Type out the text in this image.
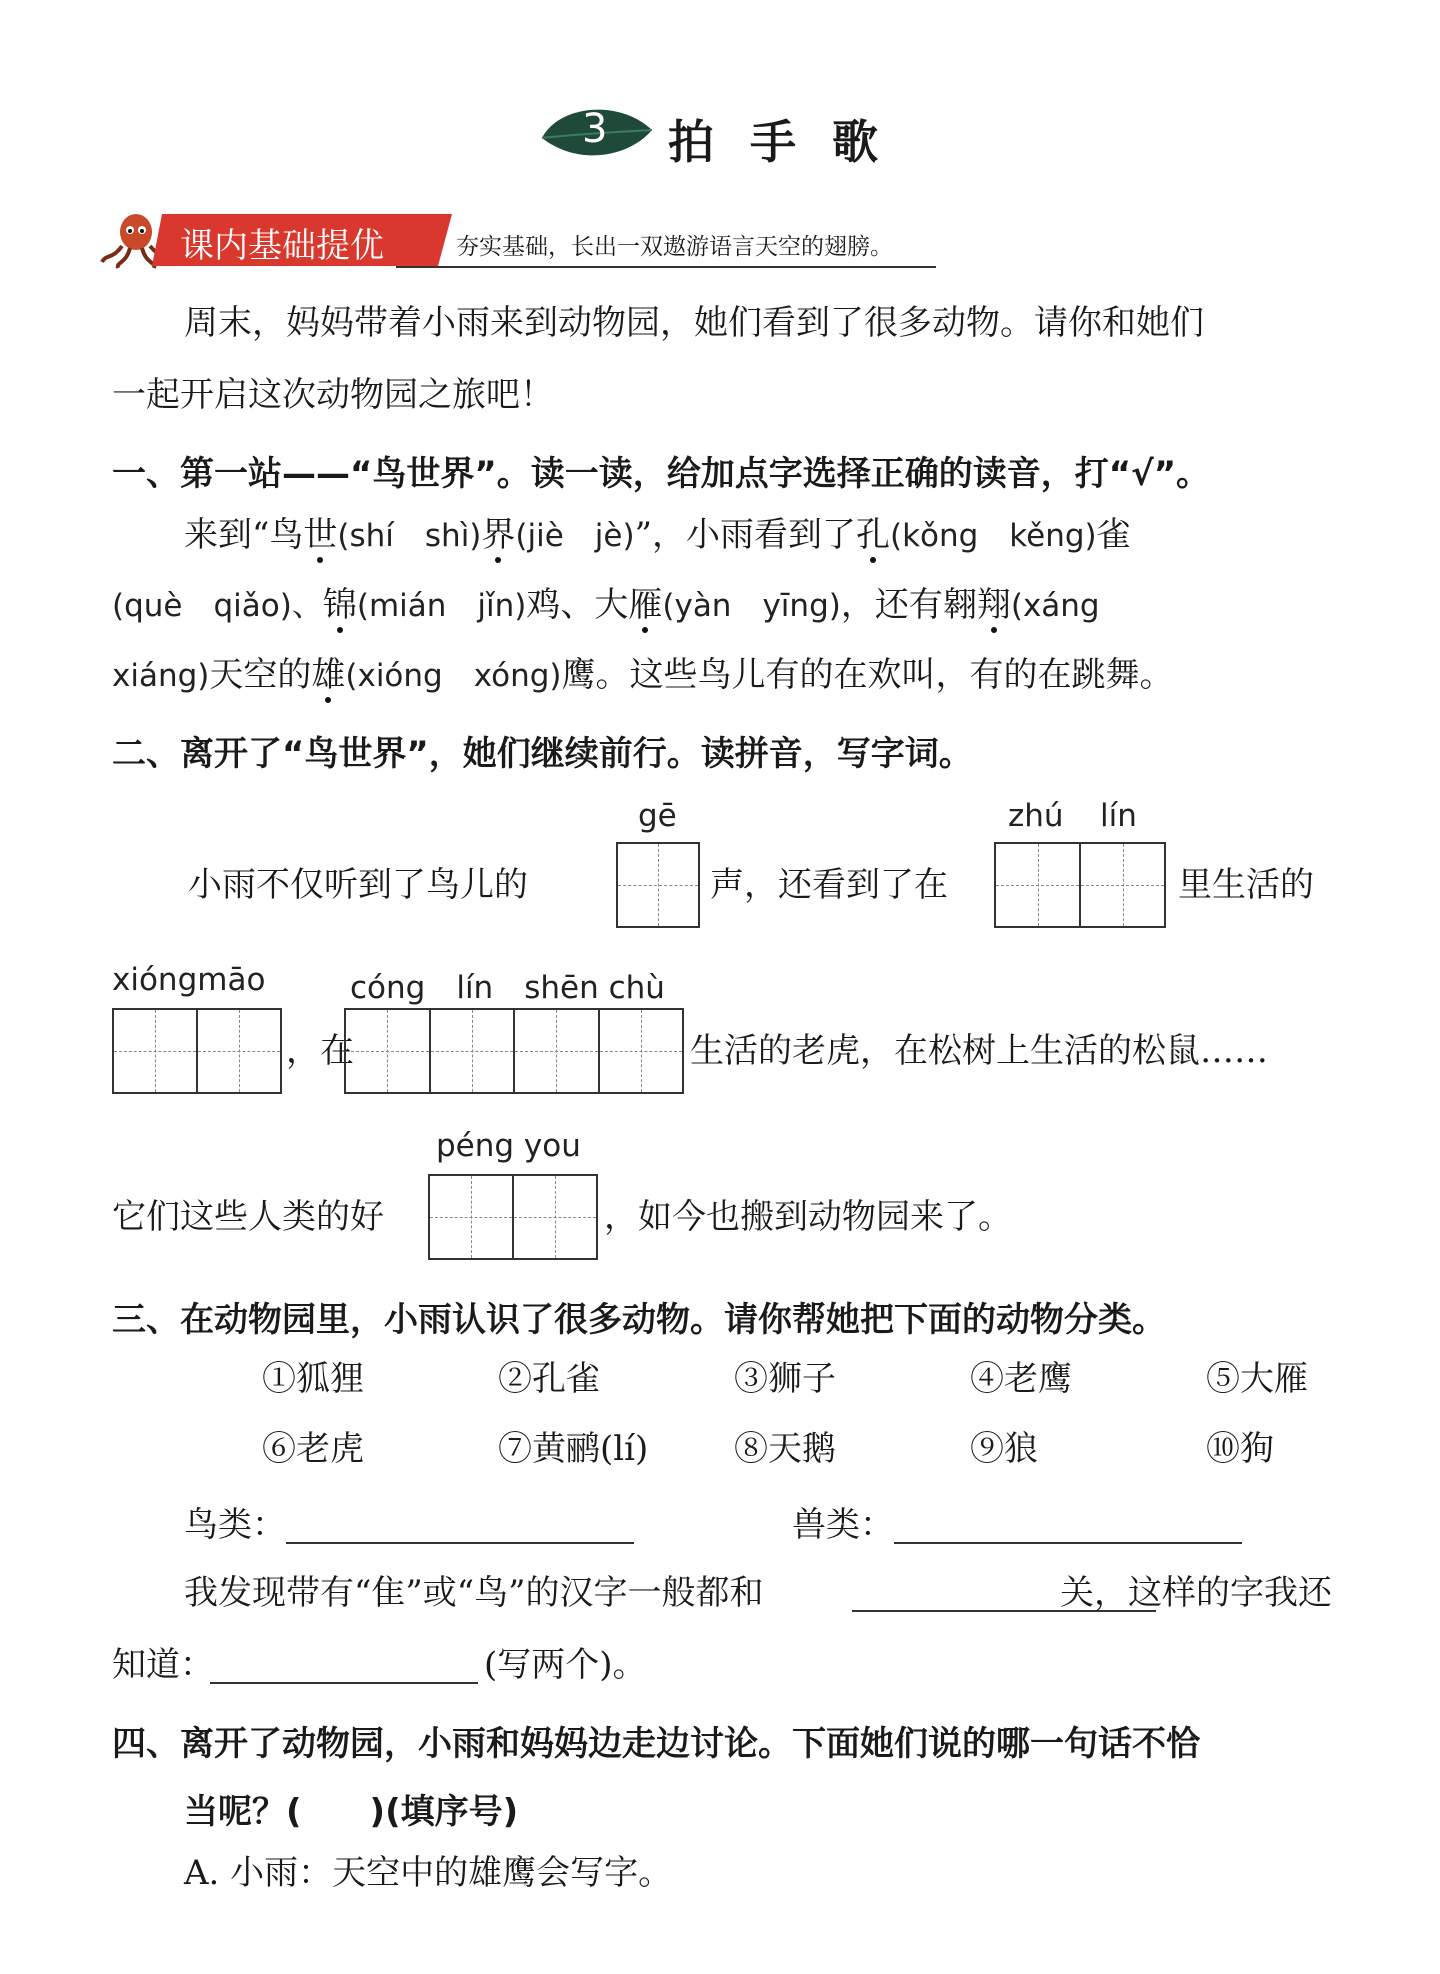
3 拍 手 歌
课内基础提优	夯实基础，长出一双遨游语言天空的翅膀。
周末，妈妈带着小雨来到动物园，她们看到了很多动物。请你和她们
一起开启这次动物园之旅吧！
一、第一站——“鸟世界”。读一读，给加点字选择正确的读音，打“√”。
来到“鸟世(shí　shì)界(jiè　jè)”，小雨看到了孔(kǒng　kěng)雀
(què　qiǎo)、锦(mián　jǐn)鸡、大雁(yàn　yīng)，还有翱翔(xáng
xiáng)天空的雄(xióng　xóng)鹰。这些鸟儿有的在欢叫，有的在跳舞。
二、离开了“鸟世界”，她们继续前行。读拼音，写字词。
gē	zhú lín
小雨不仅听到了鸟儿的	声，还看到了在	里生活的
xióngmāo	cóng　lín　shēn chù
，在	生活的老虎，在松树上生活的松鼠……
péng you
它们这些人类的好	，如今也搬到动物园来了。
三、在动物园里，小雨认识了很多动物。请你帮她把下面的动物分类。
①狐狸	②孔雀	③狮子	④老鹰	⑤大雁
⑥老虎	⑦黄鹂(lí)	⑧天鹅	⑨狼	⑩狗
鸟类：	兽类：
我发现带有“隹”或“鸟”的汉字一般都和	关，这样的字我还
知道：	(写两个)。
四、离开了动物园，小雨和妈妈边走边讨论。下面她们说的哪一句话不恰
当呢？(　　)(填序号)
A. 小雨：天空中的雄鹰会写字。
